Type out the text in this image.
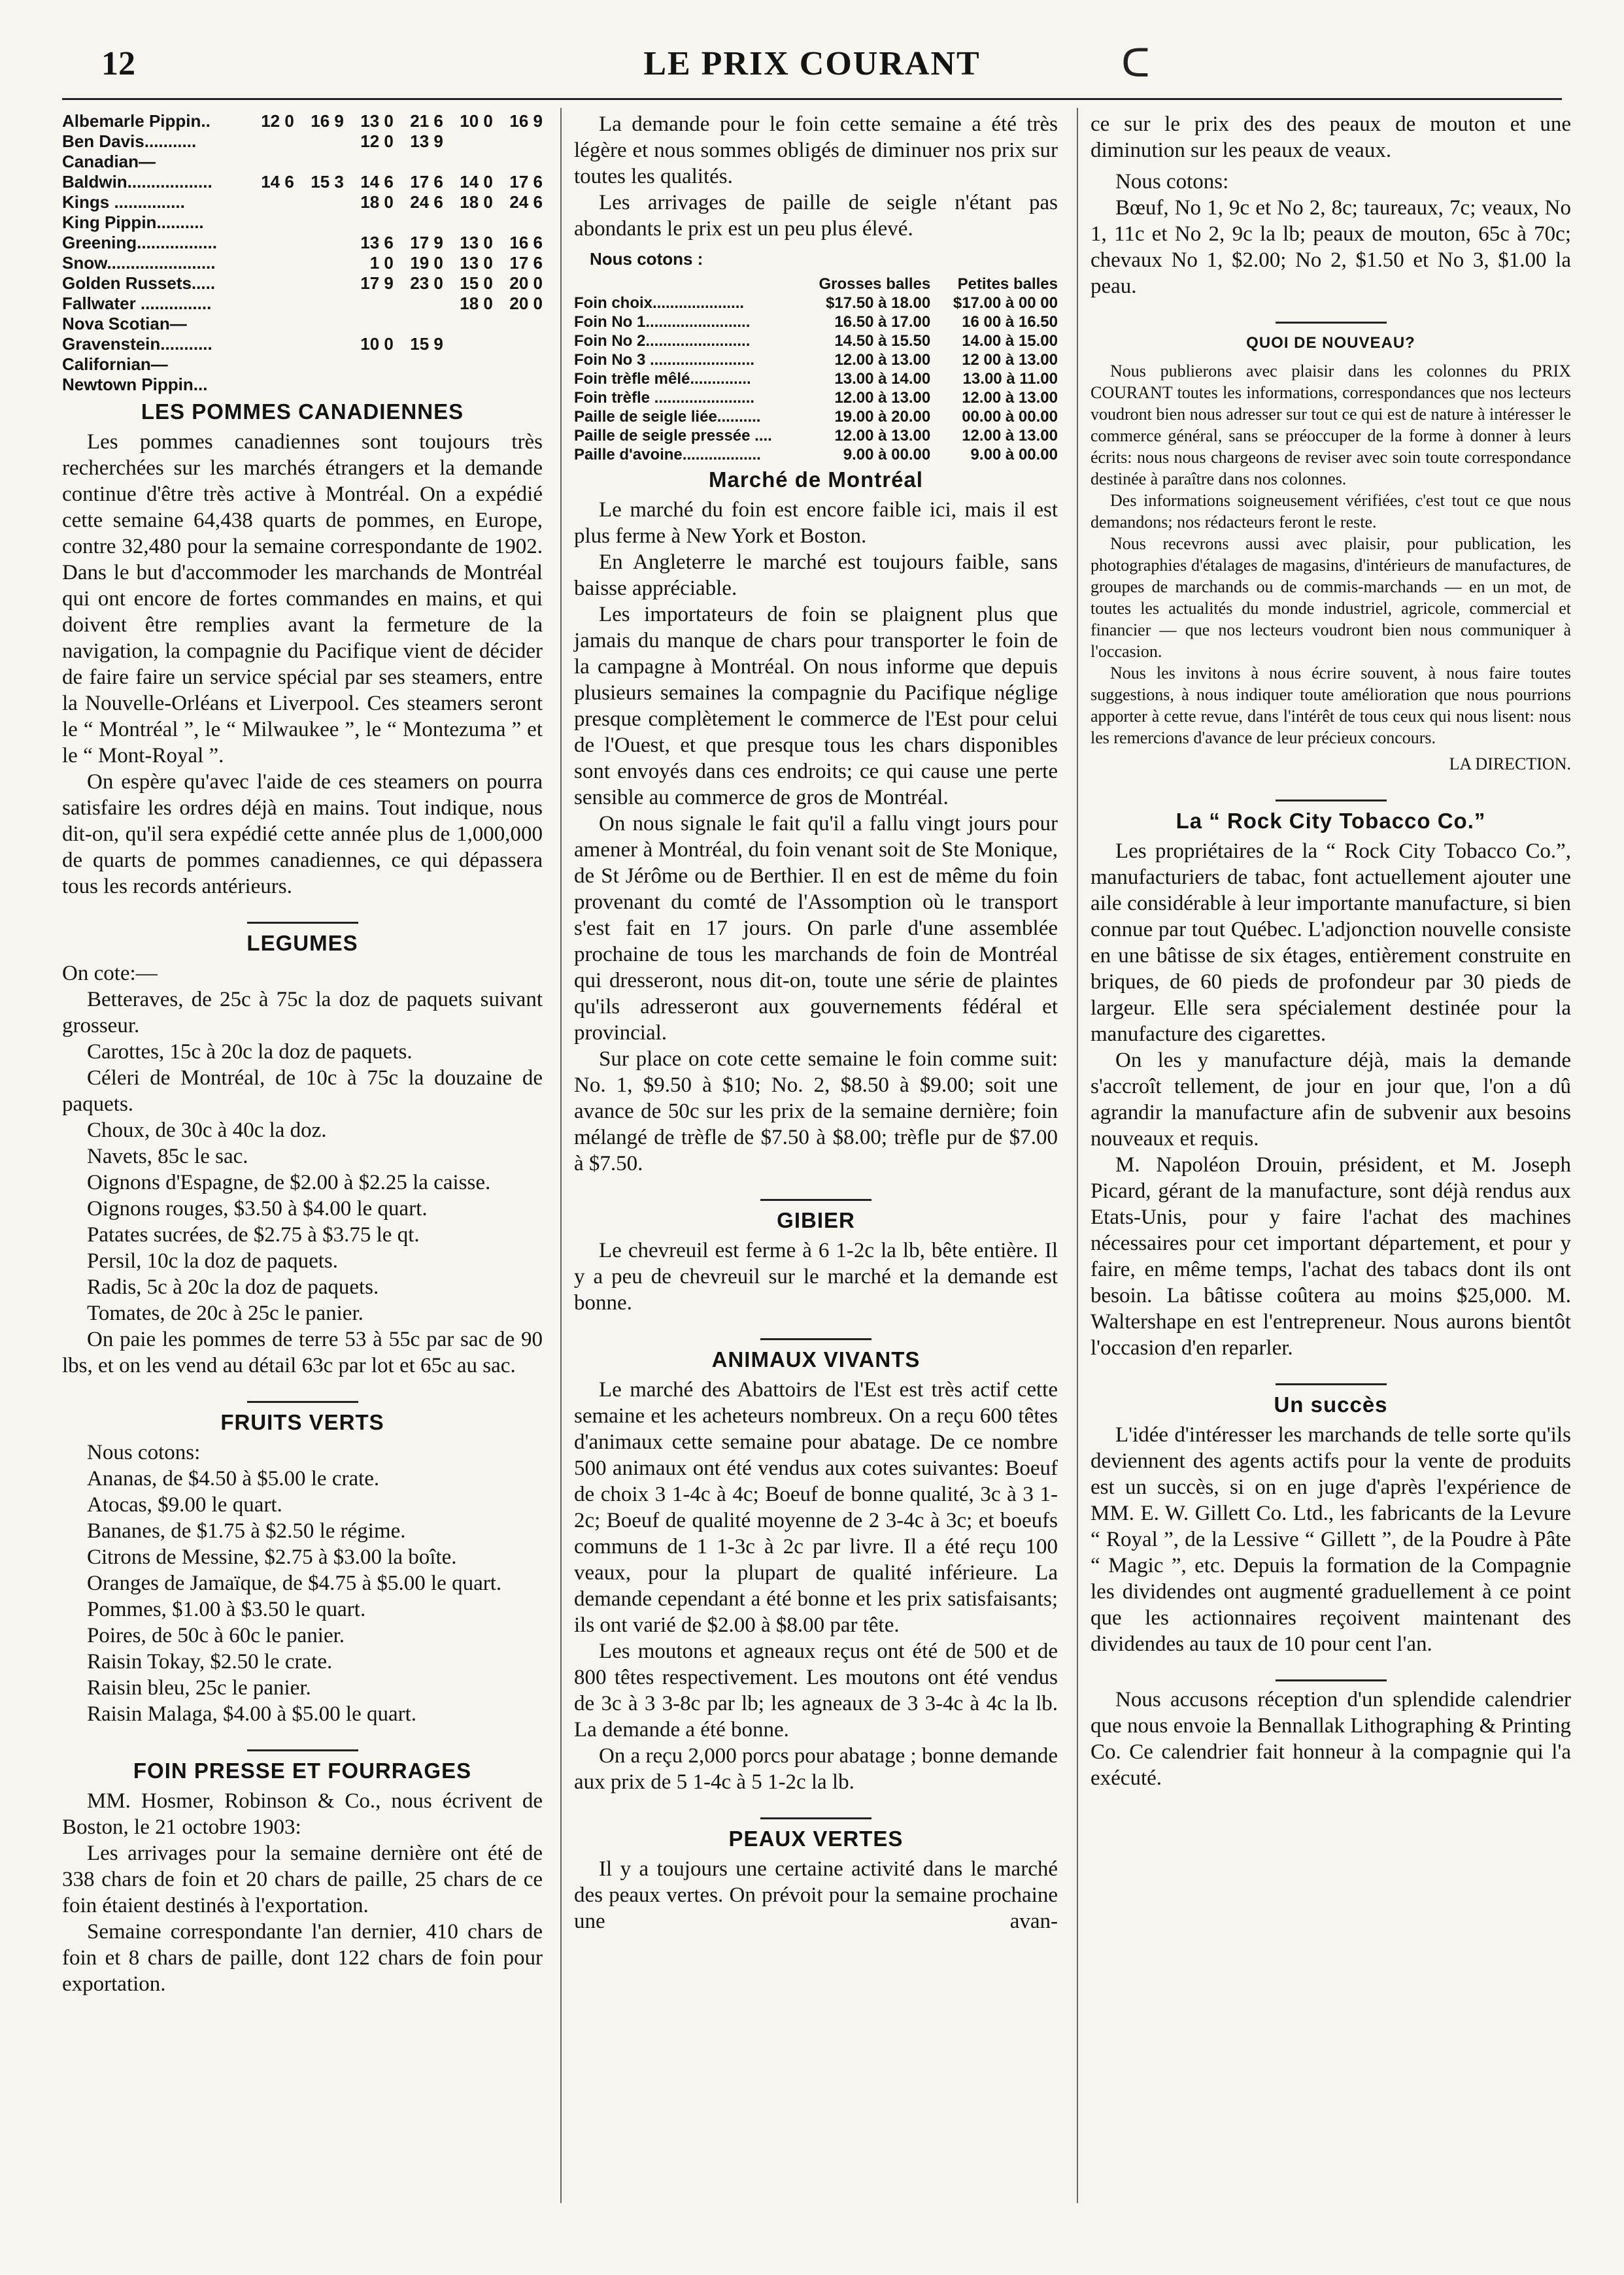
12	LE PRIX COURANT	ᑕ
Albemarle Pippin..	12 0	16 9	13 0	21 6	10 0	16 9
Ben Davis...........			12 0	13 9		
Canadian—						
Baldwin..................	14 6	15 3	14 6	17 6	14 0	17 6
Kings ...............			18 0	24 6	18 0	24 6
King Pippin..........						
Greening.................			13 6	17 9	13 0	16 6
Snow.......................			1 0	19 0	13 0	17 6
Golden Russets.....			17 9	23 0	15 0	20 0
Fallwater ...............					18 0	20 0
Nova Scotian—						
Gravenstein...........			10 0	15 9		
Californian—						
Newtown Pippin...						
LES POMMES CANADIENNES

Les pommes canadiennes sont toujours très recherchées sur les marchés étrangers et la demande continue d'être très active à Montréal. On a expédié cette semaine 64,438 quarts de pommes, en Europe, contre 32,480 pour la semaine correspondante de 1902. Dans le but d'accommoder les marchands de Montréal qui ont encore de fortes commandes en mains, et qui doivent être remplies avant la fermeture de la navigation, la compagnie du Pacifique vient de décider de faire faire un service spécial par ses steamers, entre la Nouvelle-Orléans et Liverpool. Ces steamers seront le “ Montréal ”, le “ Milwaukee ”, le “ Montezuma ” et le “ Mont-Royal ”.

On espère qu'avec l'aide de ces steamers on pourra satisfaire les ordres déjà en mains. Tout indique, nous dit-on, qu'il sera expédié cette année plus de 1,000,000 de quarts de pommes canadiennes, ce qui dépassera tous les records antérieurs.

LEGUMES

On cote:—

Betteraves, de 25c à 75c la doz de paquets suivant grosseur.

Carottes, 15c à 20c la doz de paquets.

Céleri de Montréal, de 10c à 75c la douzaine de paquets.

Choux, de 30c à 40c la doz.

Navets, 85c le sac.

Oignons d'Espagne, de $2.00 à $2.25 la caisse.

Oignons rouges, $3.50 à $4.00 le quart.

Patates sucrées, de $2.75 à $3.75 le qt.

Persil, 10c la doz de paquets.

Radis, 5c à 20c la doz de paquets.

Tomates, de 20c à 25c le panier.

On paie les pommes de terre 53 à 55c par sac de 90 lbs, et on les vend au détail 63c par lot et 65c au sac.

FRUITS VERTS

Nous cotons:

Ananas, de $4.50 à $5.00 le crate.

Atocas, $9.00 le quart.

Bananes, de $1.75 à $2.50 le régime.

Citrons de Messine, $2.75 à $3.00 la boîte.

Oranges de Jamaïque, de $4.75 à $5.00 le quart.

Pommes, $1.00 à $3.50 le quart.

Poires, de 50c à 60c le panier.

Raisin Tokay, $2.50 le crate.

Raisin bleu, 25c le panier.

Raisin Malaga, $4.00 à $5.00 le quart.

FOIN PRESSE ET FOURRAGES

MM. Hosmer, Robinson & Co., nous écrivent de Boston, le 21 octobre 1903:

Les arrivages pour la semaine dernière ont été de 338 chars de foin et 20 chars de paille, 25 chars de ce foin étaient destinés à l'exportation.

Semaine correspondante l'an dernier, 410 chars de foin et 8 chars de paille, dont 122 chars de foin pour exportation.

La demande pour le foin cette semaine a été très légère et nous sommes obligés de diminuer nos prix sur toutes les qualités.

Les arrivages de paille de seigle n'étant pas abondants le prix est un peu plus élevé.

Nous cotons :
	Grosses balles	Petites balles
Foin choix.....................	$17.50 à 18.00	$17.00 à 00 00
Foin No 1........................	16.50 à 17.00	16 00 à 16.50
Foin No 2........................	14.50 à 15.50	14.00 à 15.00
Foin No 3 ........................	12.00 à 13.00	12 00 à 13.00
Foin trèfle mêlé..............	13.00 à 14.00	13.00 à 11.00
Foin trèfle .......................	12.00 à 13.00	12.00 à 13.00
Paille de seigle liée..........	19.00 à 20.00	00.00 à 00.00
Paille de seigle pressée ....	12.00 à 13.00	12.00 à 13.00
Paille d'avoine..................	9.00 à 00.00	9.00 à 00.00
Marché de Montréal

Le marché du foin est encore faible ici, mais il est plus ferme à New York et Boston.

En Angleterre le marché est toujours faible, sans baisse appréciable.

Les importateurs de foin se plaignent plus que jamais du manque de chars pour transporter le foin de la campagne à Montréal. On nous informe que depuis plusieurs semaines la compagnie du Pacifique néglige presque complètement le commerce de l'Est pour celui de l'Ouest, et que presque tous les chars disponibles sont envoyés dans ces endroits; ce qui cause une perte sensible au commerce de gros de Montréal.

On nous signale le fait qu'il a fallu vingt jours pour amener à Montréal, du foin venant soit de Ste Monique, de St Jérôme ou de Berthier. Il en est de même du foin provenant du comté de l'Assomption où le transport s'est fait en 17 jours. On parle d'une assemblée prochaine de tous les marchands de foin de Montréal qui dresseront, nous dit-on, toute une série de plaintes qu'ils adresseront aux gouvernements fédéral et provincial.

Sur place on cote cette semaine le foin comme suit: No. 1, $9.50 à $10; No. 2, $8.50 à $9.00; soit une avance de 50c sur les prix de la semaine dernière; foin mélangé de trèfle de $7.50 à $8.00; trèfle pur de $7.00 à $7.50.

GIBIER

Le chevreuil est ferme à 6 1-2c la lb, bête entière. Il y a peu de chevreuil sur le marché et la demande est bonne.

ANIMAUX VIVANTS

Le marché des Abattoirs de l'Est est très actif cette semaine et les acheteurs nombreux. On a reçu 600 têtes d'animaux cette semaine pour abatage. De ce nombre 500 animaux ont été vendus aux cotes suivantes: Boeuf de choix 3 1-4c à 4c; Boeuf de bonne qualité, 3c à 3 1-2c; Boeuf de qualité moyenne de 2 3-4c à 3c; et boeufs communs de 1 1-3c à 2c par livre. Il a été reçu 100 veaux, pour la plupart de qualité inférieure. La demande cependant a été bonne et les prix satisfaisants; ils ont varié de $2.00 à $8.00 par tête.

Les moutons et agneaux reçus ont été de 500 et de 800 têtes respectivement. Les moutons ont été vendus de 3c à 3 3-8c par lb; les agneaux de 3 3-4c à 4c la lb. La demande a été bonne.

On a reçu 2,000 porcs pour abatage ; bonne demande aux prix de 5 1-4c à 5 1-2c la lb.

PEAUX VERTES

Il y a toujours une certaine activité dans le marché des peaux vertes. On prévoit pour la semaine prochaine une avan-

ce sur le prix des des peaux de mouton et une diminution sur les peaux de veaux.

Nous cotons:

Bœuf, No 1, 9c et No 2, 8c; taureaux, 7c; veaux, No 1, 11c et No 2, 9c la lb; peaux de mouton, 65c à 70c; chevaux No 1, $2.00; No 2, $1.50 et No 3, $1.00 la peau.

QUOI DE NOUVEAU?

Nous publierons avec plaisir dans les colonnes du PRIX COURANT toutes les informations, correspondances que nos lecteurs voudront bien nous adresser sur tout ce qui est de nature à intéresser le commerce général, sans se préoccuper de la forme à donner à leurs écrits: nous nous chargeons de reviser avec soin toute correspondance destinée à paraître dans nos colonnes.

Des informations soigneusement vérifiées, c'est tout ce que nous demandons; nos rédacteurs feront le reste.

Nous recevrons aussi avec plaisir, pour publication, les photographies d'étalages de magasins, d'intérieurs de manufactures, de groupes de marchands ou de commis-marchands — en un mot, de toutes les actualités du monde industriel, agricole, commercial et financier — que nos lecteurs voudront bien nous communiquer à l'occasion.

Nous les invitons à nous écrire souvent, à nous faire toutes suggestions, à nous indiquer toute amélioration que nous pourrions apporter à cette revue, dans l'intérêt de tous ceux qui nous lisent: nous les remercions d'avance de leur précieux concours.

LA DIRECTION.
La “ Rock City Tobacco Co.”

Les propriétaires de la “ Rock City Tobacco Co.”, manufacturiers de tabac, font actuellement ajouter une aile considérable à leur importante manufacture, si bien connue par tout Québec. L'adjonction nouvelle consiste en une bâtisse de six étages, entièrement construite en briques, de 60 pieds de profondeur par 30 pieds de largeur. Elle sera spécialement destinée pour la manufacture des cigarettes.

On les y manufacture déjà, mais la demande s'accroît tellement, de jour en jour que, l'on a dû agrandir la manufacture afin de subvenir aux besoins nouveaux et requis.

M. Napoléon Drouin, président, et M. Joseph Picard, gérant de la manufacture, sont déjà rendus aux Etats-Unis, pour y faire l'achat des machines nécessaires pour cet important département, et pour y faire, en même temps, l'achat des tabacs dont ils ont besoin. La bâtisse coûtera au moins $25,000. M. Waltershape en est l'entrepreneur. Nous aurons bientôt l'occasion d'en reparler.

Un succès

L'idée d'intéresser les marchands de telle sorte qu'ils deviennent des agents actifs pour la vente de produits est un succès, si on en juge d'après l'expérience de MM. E. W. Gillett Co. Ltd., les fabricants de la Levure “ Royal ”, de la Lessive “ Gillett ”, de la Poudre à Pâte “ Magic ”, etc. Depuis la formation de la Compagnie les dividendes ont augmenté graduellement à ce point que les actionnaires reçoivent maintenant des dividendes au taux de 10 pour cent l'an.

Nous accusons réception d'un splendide calendrier que nous envoie la Bennallak Lithographing & Printing Co. Ce calendrier fait honneur à la compagnie qui l'a exécuté.
